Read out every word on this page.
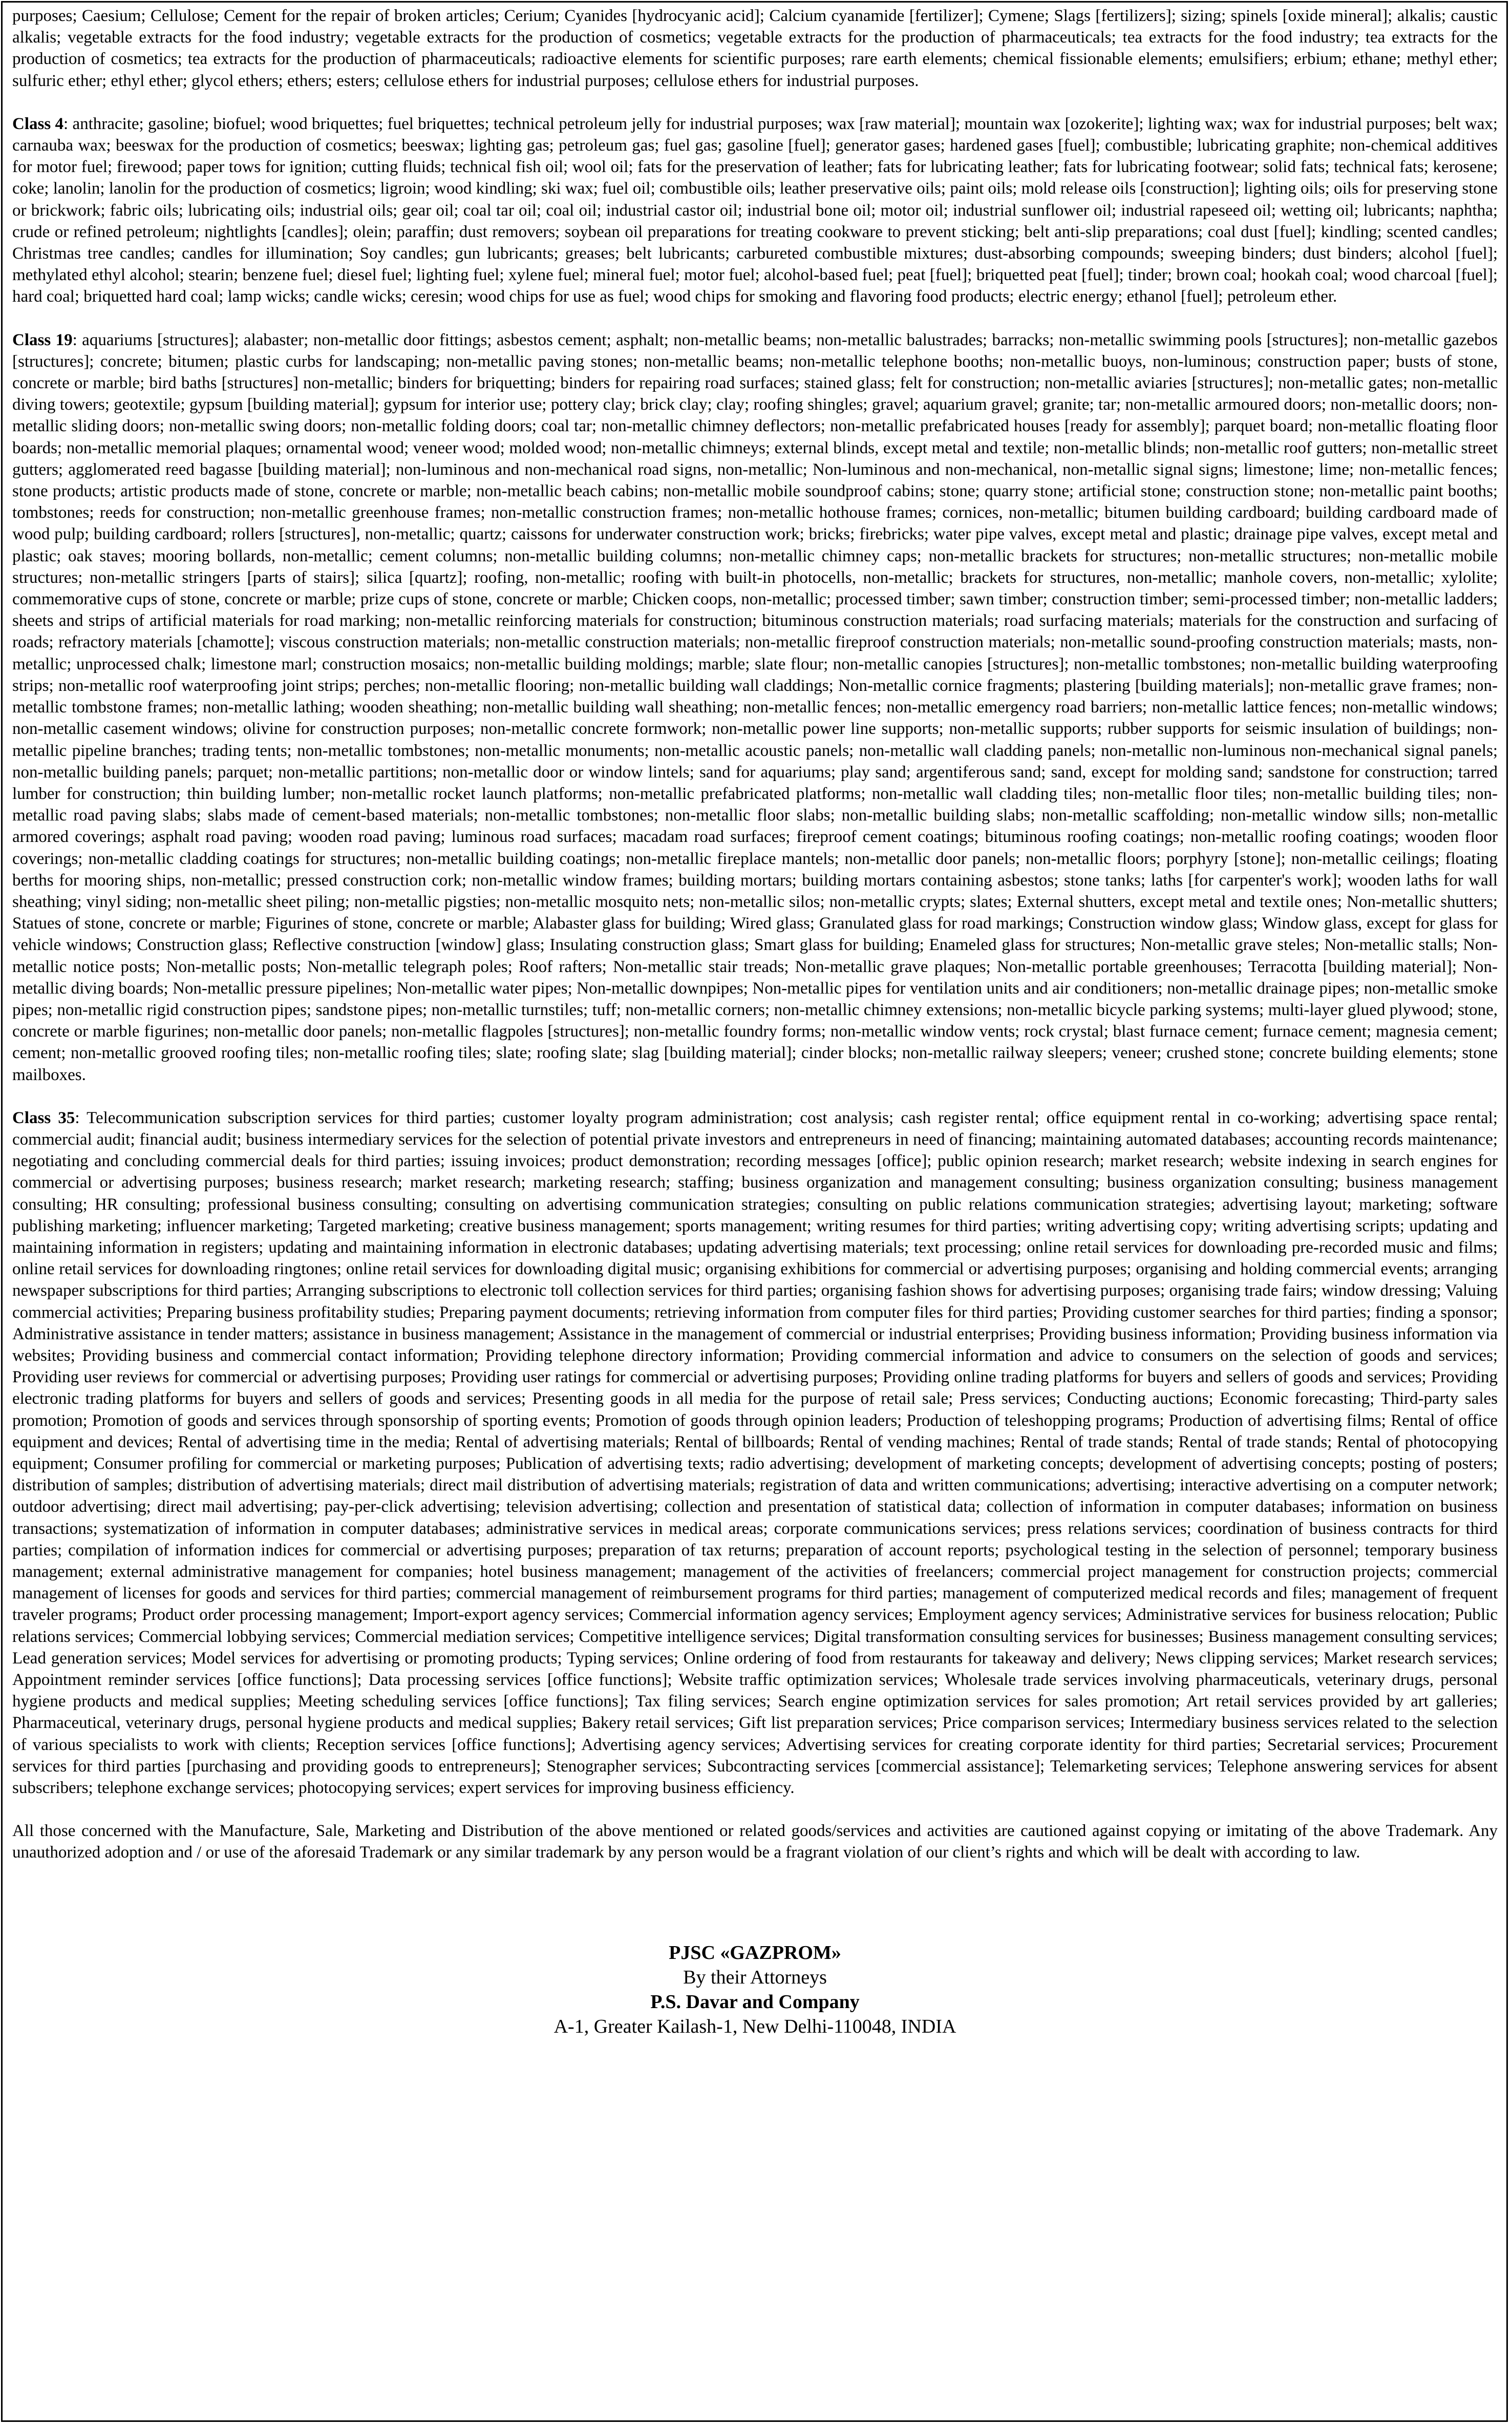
purposes; Caesium; Cellulose; Cement for the repair of broken articles; Cerium; Cyanides [hydrocyanic acid]; Calcium cyanamide [fertilizer]; Cymene; Slags [fertilizers]; sizing; spinels [oxide mineral]; alkalis; caustic alkalis; vegetable extracts for the food industry; vegetable extracts for the production of cosmetics; vegetable extracts for the production of pharmaceuticals; tea extracts for the food industry; tea extracts for the production of cosmetics; tea extracts for the production of pharmaceuticals; radioactive elements for scientific purposes; rare earth elements; chemical fissionable elements; emulsifiers; erbium; ethane; methyl ether; sulfuric ether; ethyl ether; glycol ethers; ethers; esters; cellulose ethers for industrial purposes; cellulose ethers for industrial purposes.

Class 4: anthracite; gasoline; biofuel; wood briquettes; fuel briquettes; technical petroleum jelly for industrial purposes; wax [raw material]; mountain wax [ozokerite]; lighting wax; wax for industrial purposes; belt wax; carnauba wax; beeswax for the production of cosmetics; beeswax; lighting gas; petroleum gas; fuel gas; gasoline [fuel]; generator gases; hardened gases [fuel]; combustible; lubricating graphite; non-chemical additives for motor fuel; firewood; paper tows for ignition; cutting fluids; technical fish oil; wool oil; fats for the preservation of leather; fats for lubricating leather; fats for lubricating footwear; solid fats; technical fats; kerosene; coke; lanolin; lanolin for the production of cosmetics; ligroin; wood kindling; ski wax; fuel oil; combustible oils; leather preservative oils; paint oils; mold release oils [construction]; lighting oils; oils for preserving stone or brickwork; fabric oils; lubricating oils; industrial oils; gear oil; coal tar oil; coal oil; industrial castor oil; industrial bone oil; motor oil; industrial sunflower oil; industrial rapeseed oil; wetting oil; lubricants; naphtha; crude or refined petroleum; nightlights [candles]; olein; paraffin; dust removers; soybean oil preparations for treating cookware to prevent sticking; belt anti-slip preparations; coal dust [fuel]; kindling; scented candles; Christmas tree candles; candles for illumination; Soy candles; gun lubricants; greases; belt lubricants; carbureted combustible mixtures; dust-absorbing compounds; sweeping binders; dust binders; alcohol [fuel]; methylated ethyl alcohol; stearin; benzene fuel; diesel fuel; lighting fuel; xylene fuel; mineral fuel; motor fuel; alcohol-based fuel; peat [fuel]; briquetted peat [fuel]; tinder; brown coal; hookah coal; wood charcoal [fuel]; hard coal; briquetted hard coal; lamp wicks; candle wicks; ceresin; wood chips for use as fuel; wood chips for smoking and flavoring food products; electric energy; ethanol [fuel]; petroleum ether.

Class 19: aquariums [structures]; alabaster; non-metallic door fittings; asbestos cement; asphalt; non-metallic beams; non-metallic balustrades; barracks; non-metallic swimming pools [structures]; non-metallic gazebos [structures]; concrete; bitumen; plastic curbs for landscaping; non-metallic paving stones; non-metallic beams; non-metallic telephone booths; non-metallic buoys, non-luminous; construction paper; busts of stone, concrete or marble; bird baths [structures] non-metallic; binders for briquetting; binders for repairing road surfaces; stained glass; felt for construction; non-metallic aviaries [structures]; non-metallic gates; non-metallic diving towers; geotextile; gypsum [building material]; gypsum for interior use; pottery clay; brick clay; clay; roofing shingles; gravel; aquarium gravel; granite; tar; non-metallic armoured doors; non-metallic doors; non-metallic sliding doors; non-metallic swing doors; non-metallic folding doors; coal tar; non-metallic chimney deflectors; non-metallic prefabricated houses [ready for assembly]; parquet board; non-metallic floating floor boards; non-metallic memorial plaques; ornamental wood; veneer wood; molded wood; non-metallic chimneys; external blinds, except metal and textile; non-metallic blinds; non-metallic roof gutters; non-metallic street gutters; agglomerated reed bagasse [building material]; non-luminous and non-mechanical road signs, non-metallic; Non-luminous and non-mechanical, non-metallic signal signs; limestone; lime; non-metallic fences; stone products; artistic products made of stone, concrete or marble; non-metallic beach cabins; non-metallic mobile soundproof cabins; stone; quarry stone; artificial stone; construction stone; non-metallic paint booths; tombstones; reeds for construction; non-metallic greenhouse frames; non-metallic construction frames; non-metallic hothouse frames; cornices, non-metallic; bitumen building cardboard; building cardboard made of wood pulp; building cardboard; rollers [structures], non-metallic; quartz; caissons for underwater construction work; bricks; firebricks; water pipe valves, except metal and plastic; drainage pipe valves, except metal and plastic; oak staves; mooring bollards, non-metallic; cement columns; non-metallic building columns; non-metallic chimney caps; non-metallic brackets for structures; non-metallic structures; non-metallic mobile structures; non-metallic stringers [parts of stairs]; silica [quartz]; roofing, non-metallic; roofing with built-in photocells, non-metallic; brackets for structures, non-metallic; manhole covers, non-metallic; xylolite; commemorative cups of stone, concrete or marble; prize cups of stone, concrete or marble; Chicken coops, non-metallic; processed timber; sawn timber; construction timber; semi-processed timber; non-metallic ladders; sheets and strips of artificial materials for road marking; non-metallic reinforcing materials for construction; bituminous construction materials; road surfacing materials; materials for the construction and surfacing of roads; refractory materials [chamotte]; viscous construction materials; non-metallic construction materials; non-metallic fireproof construction materials; non-metallic sound-proofing construction materials; masts, non-metallic; unprocessed chalk; limestone marl; construction mosaics; non-metallic building moldings; marble; slate flour; non-metallic canopies [structures]; non-metallic tombstones; non-metallic building waterproofing strips; non-metallic roof waterproofing joint strips; perches; non-metallic flooring; non-metallic building wall claddings; Non-metallic cornice fragments; plastering [building materials]; non-metallic grave frames; non-metallic tombstone frames; non-metallic lathing; wooden sheathing; non-metallic building wall sheathing; non-metallic fences; non-metallic emergency road barriers; non-metallic lattice fences; non-metallic windows; non-metallic casement windows; olivine for construction purposes; non-metallic concrete formwork; non-metallic power line supports; non-metallic supports; rubber supports for seismic insulation of buildings; non-metallic pipeline branches; trading tents; non-metallic tombstones; non-metallic monuments; non-metallic acoustic panels; non-metallic wall cladding panels; non-metallic non-luminous non-mechanical signal panels; non-metallic building panels; parquet; non-metallic partitions; non-metallic door or window lintels; sand for aquariums; play sand; argentiferous sand; sand, except for molding sand; sandstone for construction; tarred lumber for construction; thin building lumber; non-metallic rocket launch platforms; non-metallic prefabricated platforms; non-metallic wall cladding tiles; non-metallic floor tiles; non-metallic building tiles; non-metallic road paving slabs; slabs made of cement-based materials; non-metallic tombstones; non-metallic floor slabs; non-metallic building slabs; non-metallic scaffolding; non-metallic window sills; non-metallic armored coverings; asphalt road paving; wooden road paving; luminous road surfaces; macadam road surfaces; fireproof cement coatings; bituminous roofing coatings; non-metallic roofing coatings; wooden floor coverings; non-metallic cladding coatings for structures; non-metallic building coatings; non-metallic fireplace mantels; non-metallic door panels; non-metallic floors; porphyry [stone]; non-metallic ceilings; floating berths for mooring ships, non-metallic; pressed construction cork; non-metallic window frames; building mortars; building mortars containing asbestos; stone tanks; laths [for carpenter's work]; wooden laths for wall sheathing; vinyl siding; non-metallic sheet piling; non-metallic pigsties; non-metallic mosquito nets; non-metallic silos; non-metallic crypts; slates; External shutters, except metal and textile ones; Non-metallic shutters; Statues of stone, concrete or marble; Figurines of stone, concrete or marble; Alabaster glass for building; Wired glass; Granulated glass for road markings; Construction window glass; Window glass, except for glass for vehicle windows; Construction glass; Reflective construction [window] glass; Insulating construction glass; Smart glass for building; Enameled glass for structures; Non-metallic grave steles; Non-metallic stalls; Non-metallic notice posts; Non-metallic posts; Non-metallic telegraph poles; Roof rafters; Non-metallic stair treads; Non-metallic grave plaques; Non-metallic portable greenhouses; Terracotta [building material]; Non-metallic diving boards; Non-metallic pressure pipelines; Non-metallic water pipes; Non-metallic downpipes; Non-metallic pipes for ventilation units and air conditioners; non-metallic drainage pipes; non-metallic smoke pipes; non-metallic rigid construction pipes; sandstone pipes; non-metallic turnstiles; tuff; non-metallic corners; non-metallic chimney extensions; non-metallic bicycle parking systems; multi-layer glued plywood; stone, concrete or marble figurines; non-metallic door panels; non-metallic flagpoles [structures]; non-metallic foundry forms; non-metallic window vents; rock crystal; blast furnace cement; furnace cement; magnesia cement; cement; non-metallic grooved roofing tiles; non-metallic roofing tiles; slate; roofing slate; slag [building material]; cinder blocks; non-metallic railway sleepers; veneer; crushed stone; concrete building elements; stone mailboxes.

Class 35: Telecommunication subscription services for third parties; customer loyalty program administration; cost analysis; cash register rental; office equipment rental in co-working; advertising space rental; commercial audit; financial audit; business intermediary services for the selection of potential private investors and entrepreneurs in need of financing; maintaining automated databases; accounting records maintenance; negotiating and concluding commercial deals for third parties; issuing invoices; product demonstration; recording messages [office]; public opinion research; market research; website indexing in search engines for commercial or advertising purposes; business research; market research; marketing research; staffing; business organization and management consulting; business organization consulting; business management consulting; HR consulting; professional business consulting; consulting on advertising communication strategies; consulting on public relations communication strategies; advertising layout; marketing; software publishing marketing; influencer marketing; Targeted marketing; creative business management; sports management; writing resumes for third parties; writing advertising copy; writing advertising scripts; updating and maintaining information in registers; updating and maintaining information in electronic databases; updating advertising materials; text processing; online retail services for downloading pre-recorded music and films; online retail services for downloading ringtones; online retail services for downloading digital music; organising exhibitions for commercial or advertising purposes; organising and holding commercial events; arranging newspaper subscriptions for third parties; Arranging subscriptions to electronic toll collection services for third parties; organising fashion shows for advertising purposes; organising trade fairs; window dressing; Valuing commercial activities; Preparing business profitability studies; Preparing payment documents; retrieving information from computer files for third parties; Providing customer searches for third parties; finding a sponsor; Administrative assistance in tender matters; assistance in business management; Assistance in the management of commercial or industrial enterprises; Providing business information; Providing business information via websites; Providing business and commercial contact information; Providing telephone directory information; Providing commercial information and advice to consumers on the selection of goods and services; Providing user reviews for commercial or advertising purposes; Providing user ratings for commercial or advertising purposes; Providing online trading platforms for buyers and sellers of goods and services; Providing electronic trading platforms for buyers and sellers of goods and services; Presenting goods in all media for the purpose of retail sale; Press services; Conducting auctions; Economic forecasting; Third-party sales promotion; Promotion of goods and services through sponsorship of sporting events; Promotion of goods through opinion leaders; Production of teleshopping programs; Production of advertising films; Rental of office equipment and devices; Rental of advertising time in the media; Rental of advertising materials; Rental of billboards; Rental of vending machines; Rental of trade stands; Rental of trade stands; Rental of photocopying equipment; Consumer profiling for commercial or marketing purposes; Publication of advertising texts; radio advertising; development of marketing concepts; development of advertising concepts; posting of posters; distribution of samples; distribution of advertising materials; direct mail distribution of advertising materials; registration of data and written communications; advertising; interactive advertising on a computer network; outdoor advertising; direct mail advertising; pay-per-click advertising; television advertising; collection and presentation of statistical data; collection of information in computer databases; information on business transactions; systematization of information in computer databases; administrative services in medical areas; corporate communications services; press relations services; coordination of business contracts for third parties; compilation of information indices for commercial or advertising purposes; preparation of tax returns; preparation of account reports; psychological testing in the selection of personnel; temporary business management; external administrative management for companies; hotel business management; management of the activities of freelancers; commercial project management for construction projects; commercial management of licenses for goods and services for third parties; commercial management of reimbursement programs for third parties; management of computerized medical records and files; management of frequent traveler programs; Product order processing management; Import-export agency services; Commercial information agency services; Employment agency services; Administrative services for business relocation; Public relations services; Commercial lobbying services; Commercial mediation services; Competitive intelligence services; Digital transformation consulting services for businesses; Business management consulting services; Lead generation services; Model services for advertising or promoting products; Typing services; Online ordering of food from restaurants for takeaway and delivery; News clipping services; Market research services; Appointment reminder services [office functions]; Data processing services [office functions]; Website traffic optimization services; Wholesale trade services involving pharmaceuticals, veterinary drugs, personal hygiene products and medical supplies; Meeting scheduling services [office functions]; Tax filing services; Search engine optimization services for sales promotion; Art retail services provided by art galleries; Pharmaceutical, veterinary drugs, personal hygiene products and medical supplies; Bakery retail services; Gift list preparation services; Price comparison services; Intermediary business services related to the selection of various specialists to work with clients; Reception services [office functions]; Advertising agency services; Advertising services for creating corporate identity for third parties; Secretarial services; Procurement services for third parties [purchasing and providing goods to entrepreneurs]; Stenographer services; Subcontracting services [commercial assistance]; Telemarketing services; Telephone answering services for absent subscribers; telephone exchange services; photocopying services; expert services for improving business efficiency.

All those concerned with the Manufacture, Sale, Marketing and Distribution of the above mentioned or related goods/services and activities are cautioned against copying or imitating of the above Trademark. Any unauthorized adoption and / or use of the aforesaid Trademark or any similar trademark by any person would be a fragrant violation of our client’s rights and which will be dealt with according to law.

PJSC «GAZPROM»
By their Attorneys
P.S. Davar and Company
A-1, Greater Kailash-1, New Delhi-110048, INDIA
